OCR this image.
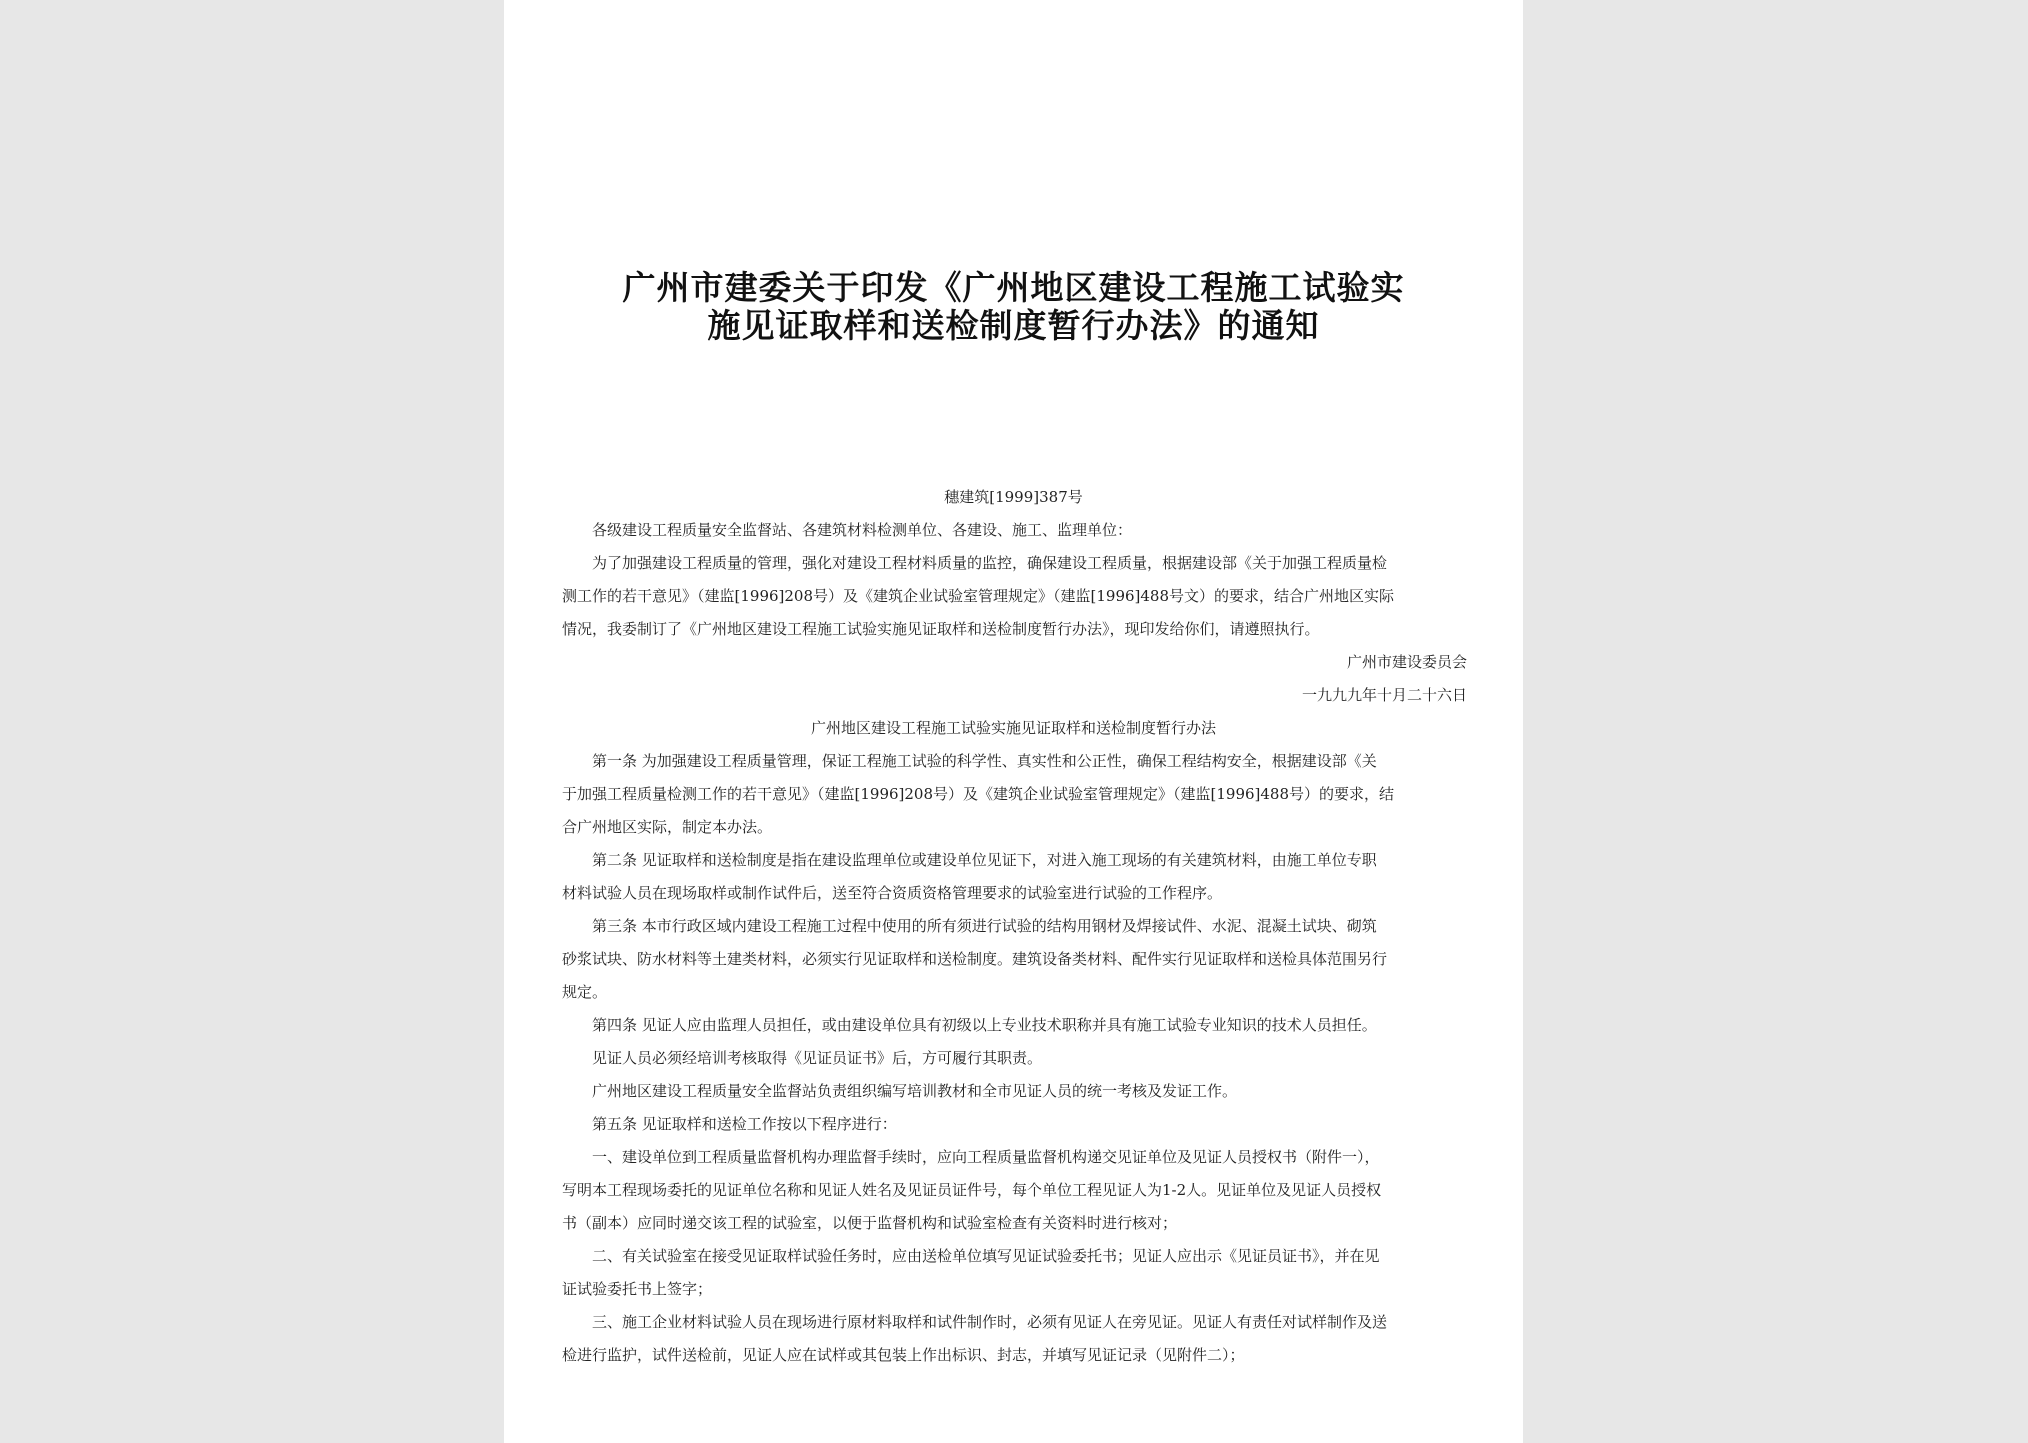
广州市建委关于印发《广州地区建设工程施工试验实
施见证取样和送检制度暂行办法》的通知
穗建筑[1999]387号
各级建设工程质量安全监督站、各建筑材料检测单位、各建设、施工、监理单位：
为了加强建设工程质量的管理，强化对建设工程材料质量的监控，确保建设工程质量，根据建设部《关于加强工程质量检
测工作的若干意见》（建监[1996]208号）及《建筑企业试验室管理规定》（建监[1996]488号文）的要求，结合广州地区实际
情况，我委制订了《广州地区建设工程施工试验实施见证取样和送检制度暂行办法》，现印发给你们，请遵照执行。
广州市建设委员会
一九九九年十月二十六日
广州地区建设工程施工试验实施见证取样和送检制度暂行办法
第一条 为加强建设工程质量管理，保证工程施工试验的科学性、真实性和公正性，确保工程结构安全，根据建设部《关
于加强工程质量检测工作的若干意见》（建监[1996]208号）及《建筑企业试验室管理规定》（建监[1996]488号）的要求，结
合广州地区实际，制定本办法。
第二条 见证取样和送检制度是指在建设监理单位或建设单位见证下，对进入施工现场的有关建筑材料，由施工单位专职
材料试验人员在现场取样或制作试件后，送至符合资质资格管理要求的试验室进行试验的工作程序。
第三条 本市行政区域内建设工程施工过程中使用的所有须进行试验的结构用钢材及焊接试件、水泥、混凝土试块、砌筑
砂浆试块、防水材料等土建类材料，必须实行见证取样和送检制度。建筑设备类材料、配件实行见证取样和送检具体范围另行
规定。
第四条 见证人应由监理人员担任，或由建设单位具有初级以上专业技术职称并具有施工试验专业知识的技术人员担任。
见证人员必须经培训考核取得《见证员证书》后，方可履行其职责。
广州地区建设工程质量安全监督站负责组织编写培训教材和全市见证人员的统一考核及发证工作。
第五条 见证取样和送检工作按以下程序进行：
一、建设单位到工程质量监督机构办理监督手续时，应向工程质量监督机构递交见证单位及见证人员授权书（附件一），
写明本工程现场委托的见证单位名称和见证人姓名及见证员证件号，每个单位工程见证人为1-2人。见证单位及见证人员授权
书（副本）应同时递交该工程的试验室，以便于监督机构和试验室检查有关资料时进行核对；
二、有关试验室在接受见证取样试验任务时，应由送检单位填写见证试验委托书；见证人应出示《见证员证书》，并在见
证试验委托书上签字；
三、施工企业材料试验人员在现场进行原材料取样和试件制作时，必须有见证人在旁见证。见证人有责任对试样制作及送
检进行监护，试件送检前，见证人应在试样或其包装上作出标识、封志，并填写见证记录（见附件二）；
